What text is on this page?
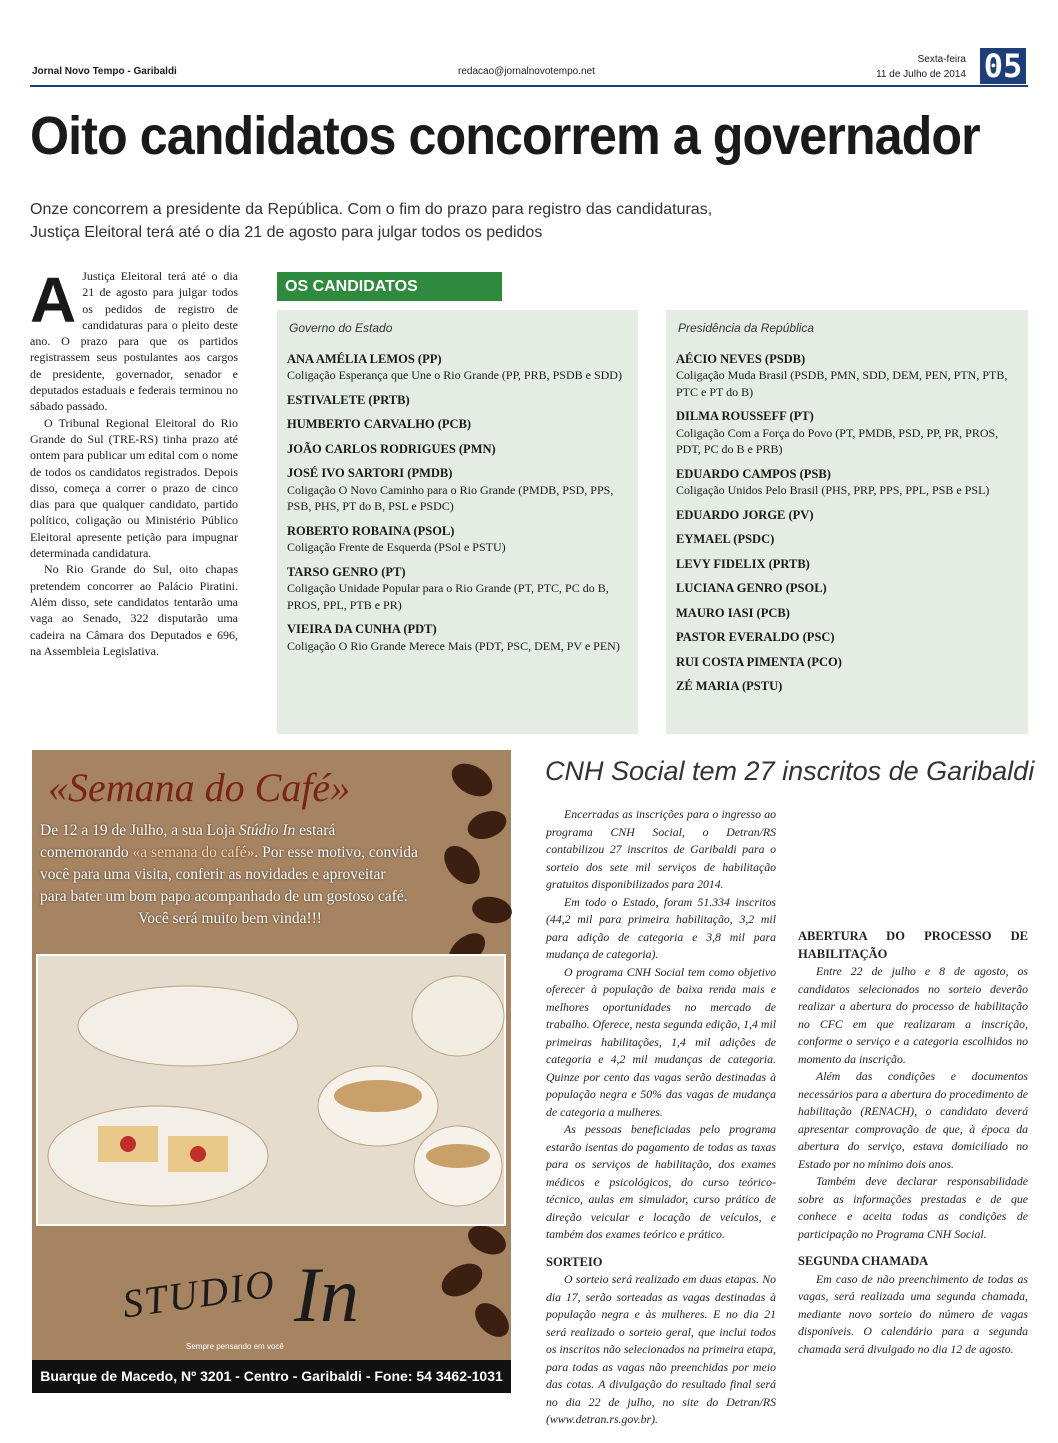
Jornal Novo Tempo - Garibaldi	redacao@jornalnovotempo.net
Sexta-feira
11 de Julho de 2014 05
Oito candidatos concorrem a governador
Onze concorrem a presidente da República. Com o fim do prazo para registro das candidaturas, Justiça Eleitoral terá até o dia 21 de agosto para julgar todos os pedidos
A Justiça Eleitoral terá até o dia 21 de agosto para julgar todos os pedidos de registro de candidaturas para o pleito deste ano. O prazo para que os partidos registrassem seus postulantes aos cargos de presidente, governador, senador e deputados estaduais e federais terminou no sábado passado.

O Tribunal Regional Eleitoral do Rio Grande do Sul (TRE-RS) tinha prazo até ontem para publicar um edital com o nome de todos os candidatos registrados. Depois disso, começa a correr o prazo de cinco dias para que qualquer candidato, partido político, coligação ou Ministério Público Eleitoral apresente petição para impugnar determinada candidatura.

No Rio Grande do Sul, oito chapas pretendem concorrer ao Palácio Piratini. Além disso, sete candidatos tentarão uma vaga ao Senado, 322 disputarão uma cadeira na Câmara dos Deputados e 696, na Assembleia Legislativa.

OS CANDIDATOS
Governo do Estado
ANA AMÉLIA LEMOS (PP)
Coligação Esperança que Une o Rio Grande (PP, PRB, PSDB e SDD)
ESTIVALETE (PRTB)
HUMBERTO CARVALHO (PCB)
JOÃO CARLOS RODRIGUES (PMN)
JOSÉ IVO SARTORI (PMDB)
Coligação O Novo Caminho para o Rio Grande (PMDB, PSD, PPS, PSB, PHS, PT do B, PSL e PSDC)
ROBERTO ROBAINA (PSOL)
Coligação Frente de Esquerda (PSol e PSTU)
TARSO GENRO (PT)
Coligação Unidade Popular para o Rio Grande (PT, PTC, PC do B, PROS, PPL, PTB e PR)
VIEIRA DA CUNHA (PDT)
Coligação O Rio Grande Merece Mais (PDT, PSC, DEM, PV e PEN)
Presidência da República
AÉCIO NEVES (PSDB)
Coligação Muda Brasil (PSDB, PMN, SDD, DEM, PEN, PTN, PTB, PTC e PT do B)
DILMA ROUSSEFF (PT)
Coligação Com a Força do Povo (PT, PMDB, PSD, PP, PR, PROS, PDT, PC do B e PRB)
EDUARDO CAMPOS (PSB)
Coligação Unidos Pelo Brasil (PHS, PRP, PPS, PPL, PSB e PSL)
EDUARDO JORGE (PV)
EYMAEL (PSDC)
LEVY FIDELIX (PRTB)
LUCIANA GENRO (PSOL)
MAURO IASI (PCB)
PASTOR EVERALDO (PSC)
RUI COSTA PIMENTA (PCO)
ZÉ MARIA (PSTU)
«Semana do Café»
De 12 a 19 de Julho, a sua Loja Stúdio In estará
comemorando «a semana do café». Por esse motivo, convida
você para uma visita, conferir as novidades e aproveitar
para bater um bom papo acompanhado de um gostoso café.

Você será muito bem vinda!!!
STUDIO In
Sempre pensando em você
Buarque de Macedo, Nº 3201 - Centro - Garibaldi - Fone: 54 3462-1031
CNH Social tem 27 inscritos de Garibaldi

Encerradas as inscrições para o ingresso ao programa CNH Social, o Detran/RS contabilizou 27 inscritos de Garibaldi para o sorteio dos sete mil serviços de habilitação gratuitos disponibilizados para 2014.

Em todo o Estado, foram 51.334 inscritos (44,2 mil para primeira habilitação, 3,2 mil para adição de categoria e 3,8 mil para mudança de categoria).

O programa CNH Social tem como objetivo oferecer à população de baixa renda mais e melhores oportunidades no mercado de trabalho. Oferece, nesta segunda edição, 1,4 mil primeiras habilitações, 1,4 mil adições de categoria e 4,2 mil mudanças de categoria. Quinze por cento das vagas serão destinadas à população negra e 50% das vagas de mudança de categoria a mulheres.

As pessoas beneficiadas pelo programa estarão isentas do pagamento de todas as taxas para os serviços de habilitação, dos exames médicos e psicológicos, do curso teórico-técnico, aulas em simulador, curso prático de direção veicular e locação de veículos, e também dos exames teórico e prático.

SORTEIO

O sorteio será realizado em duas etapas. No dia 17, serão sorteadas as vagas destinadas à população negra e às mulheres. E no dia 21 será realizado o sorteio geral, que inclui todos os inscritos não selecionados na primeira etapa, para todas as vagas não preenchidas por meio das cotas. A divulgação do resultado final será no dia 22 de julho, no site do Detran/RS (www.detran.rs.gov.br).

ABERTURA DO PROCESSO DE HABILITAÇÃO

Entre 22 de julho e 8 de agosto, os candidatos selecionados no sorteio deverão realizar a abertura do processo de habilitação no CFC em que realizaram a inscrição, conforme o serviço e a categoria escolhidos no momento da inscrição.

Além das condições e documentos necessários para a abertura do procedimento de habilitação (RENACH), o candidato deverá apresentar comprovação de que, à época da abertura do serviço, estava domiciliado no Estado por no mínimo dois anos.

Também deve declarar responsabilidade sobre as informações prestadas e de que conhece e aceita todas as condições de participação no Programa CNH Social.

SEGUNDA CHAMADA

Em caso de não preenchimento de todas as vagas, será realizada uma segunda chamada, mediante novo sorteio do número de vagas disponíveis. O calendário para a segunda chamada será divulgado no dia 12 de agosto.
